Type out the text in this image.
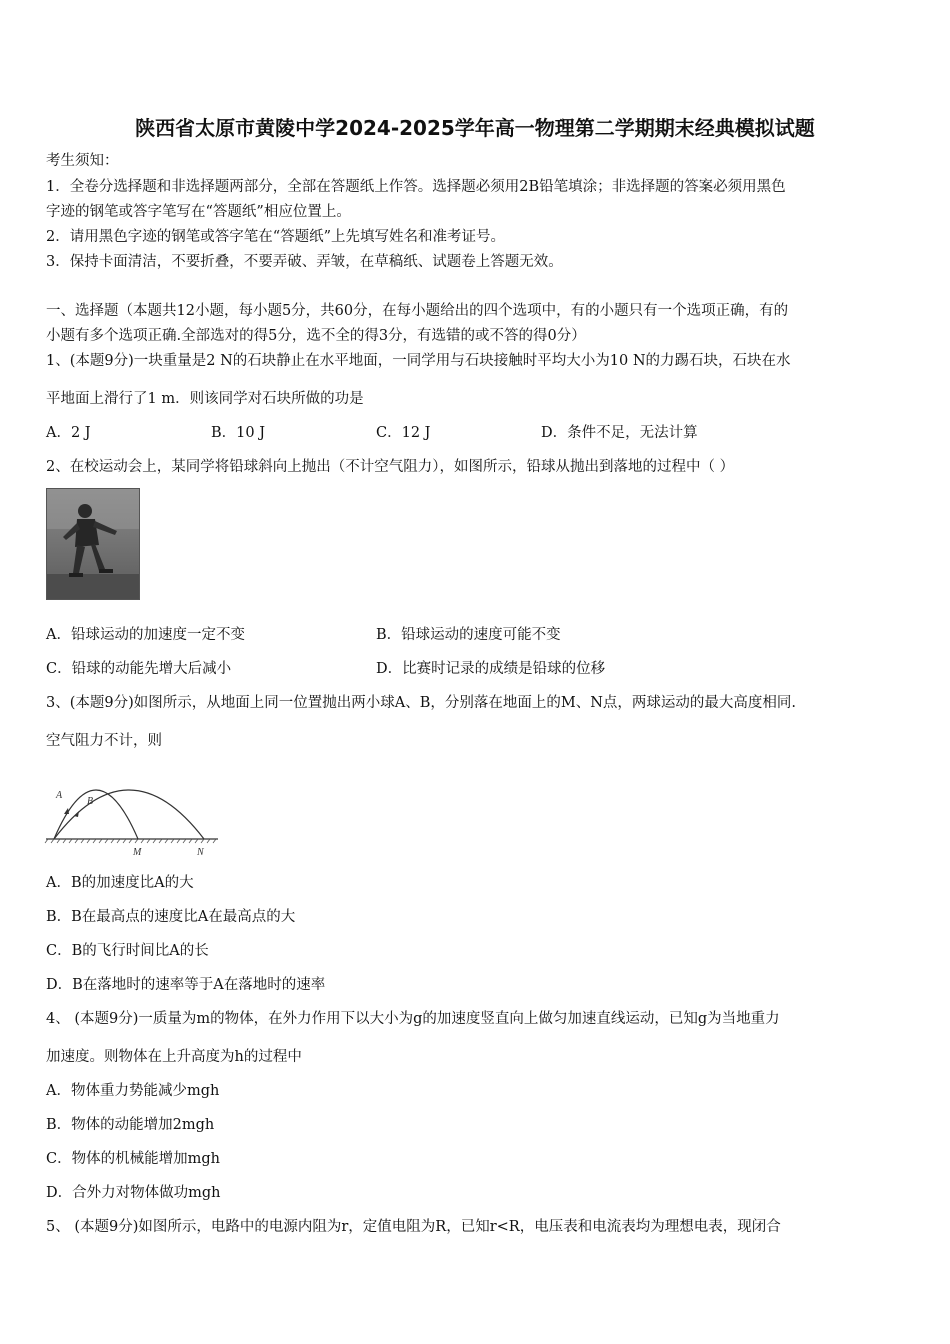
陕西省太原市黄陵中学2024-2025学年高一物理第二学期期末经典模拟试题
考生须知：
1．全卷分选择题和非选择题两部分，全部在答题纸上作答。选择题必须用2B铅笔填涂；非选择题的答案必须用黑色
字迹的钢笔或答字笔写在“答题纸”相应位置上。
2．请用黑色字迹的钢笔或答字笔在“答题纸”上先填写姓名和准考证号。
3．保持卡面清洁，不要折叠，不要弄破、弄皱，在草稿纸、试题卷上答题无效。
一、选择题（本题共12小题，每小题5分，共60分，在每小题给出的四个选项中，有的小题只有一个选项正确，有的
小题有多个选项正确.全部选对的得5分，选不全的得3分，有选错的或不答的得0分）
1、(本题9分)一块重量是2 N的石块静止在水平地面，一同学用与石块接触时平均大小为10 N的力踢石块，石块在水
平地面上滑行了1 m．则该同学对石块所做的功是
A．2 J	B．10 J	C．12 J	D．条件不足，无法计算
2、在校运动会上，某同学将铅球斜向上抛出（不计空气阻力），如图所示，铅球从抛出到落地的过程中（ ）
A．铅球运动的加速度一定不变	B．铅球运动的速度可能不变
C．铅球的动能先增大后减小	D．比赛时记录的成绩是铅球的位移
3、(本题9分)如图所示，从地面上同一位置抛出两小球A、B，分别落在地面上的M、N点，两球运动的最大高度相同.
空气阻力不计，则
A
B
M	N
A．B的加速度比A的大
B．B在最高点的速度比A在最高点的大
C．B的飞行时间比A的长
D．B在落地时的速率等于A在落地时的速率
4、 (本题9分)一质量为m的物体，在外力作用下以大小为g的加速度竖直向上做匀加速直线运动，已知g为当地重力
加速度。则物体在上升高度为h的过程中
A．物体重力势能减少mgh
B．物体的动能增加2mgh
C．物体的机械能增加mgh
D．合外力对物体做功mgh
5、 (本题9分)如图所示，电路中的电源内阻为r，定值电阻为R，已知r<R，电压表和电流表均为理想电表，现闭合
